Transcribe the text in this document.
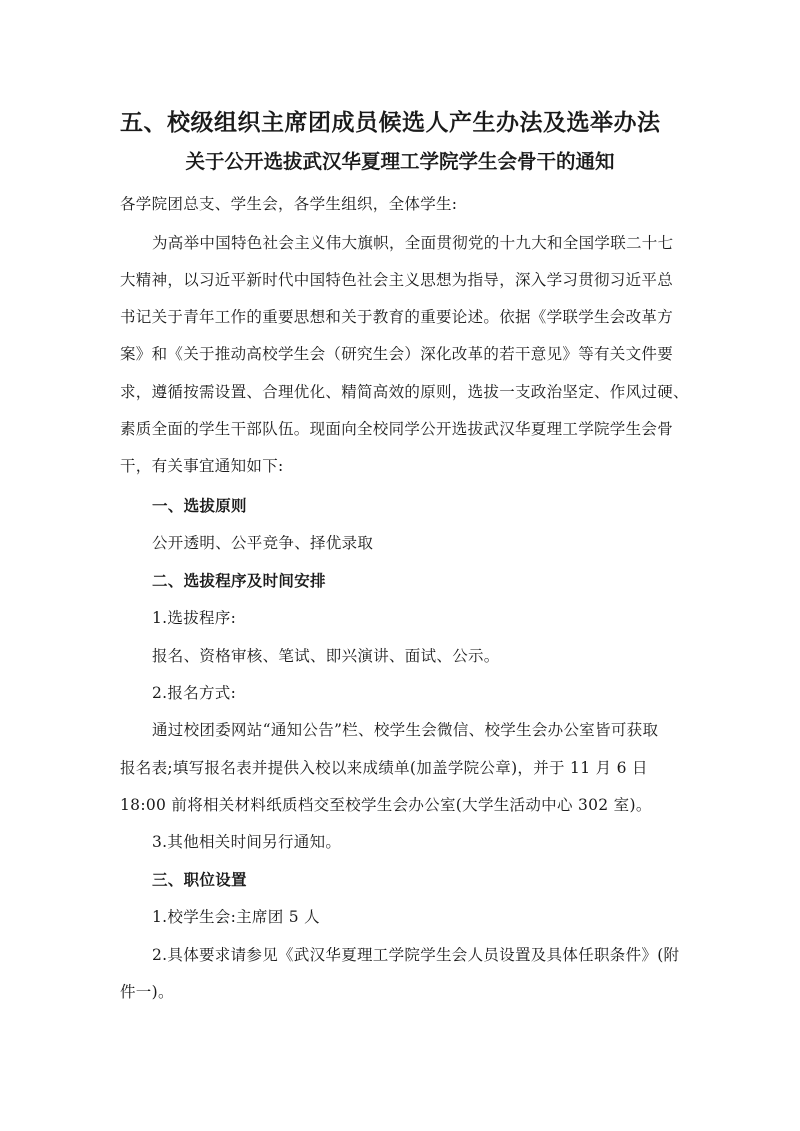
五、校级组织主席团成员候选人产生办法及选举办法
关于公开选拔武汉华夏理工学院学生会骨干的通知
各学院团总支、学生会，各学生组织，全体学生:
为高举中国特色社会主义伟大旗帜，全面贯彻党的十九大和全国学联二十七
大精神，以习近平新时代中国特色社会主义思想为指导，深入学习贯彻习近平总
书记关于青年工作的重要思想和关于教育的重要论述。依据《学联学生会改革方
案》和《关于推动高校学生会（研究生会）深化改革的若干意见》等有关文件要
求，遵循按需设置、合理优化、精简高效的原则，选拔一支政治坚定、作风过硬、
素质全面的学生干部队伍。现面向全校同学公开选拔武汉华夏理工学院学生会骨
干，有关事宜通知如下:
一、选拔原则
公开透明、公平竞争、择优录取
二、选拔程序及时间安排
1.选拔程序:
报名、资格审核、笔试、即兴演讲、面试、公示。
2.报名方式:
通过校团委网站“通知公告”栏、校学生会微信、校学生会办公室皆可获取
报名表;填写报名表并提供入校以来成绩单(加盖学院公章)，并于 11 月 6 日
18:00 前将相关材料纸质档交至校学生会办公室(大学生活动中心 302 室)。
3.其他相关时间另行通知。
三、职位设置
1.校学生会:主席团 5 人
2.具体要求请参见《武汉华夏理工学院学生会人员设置及具体任职条件》(附
件一)。
